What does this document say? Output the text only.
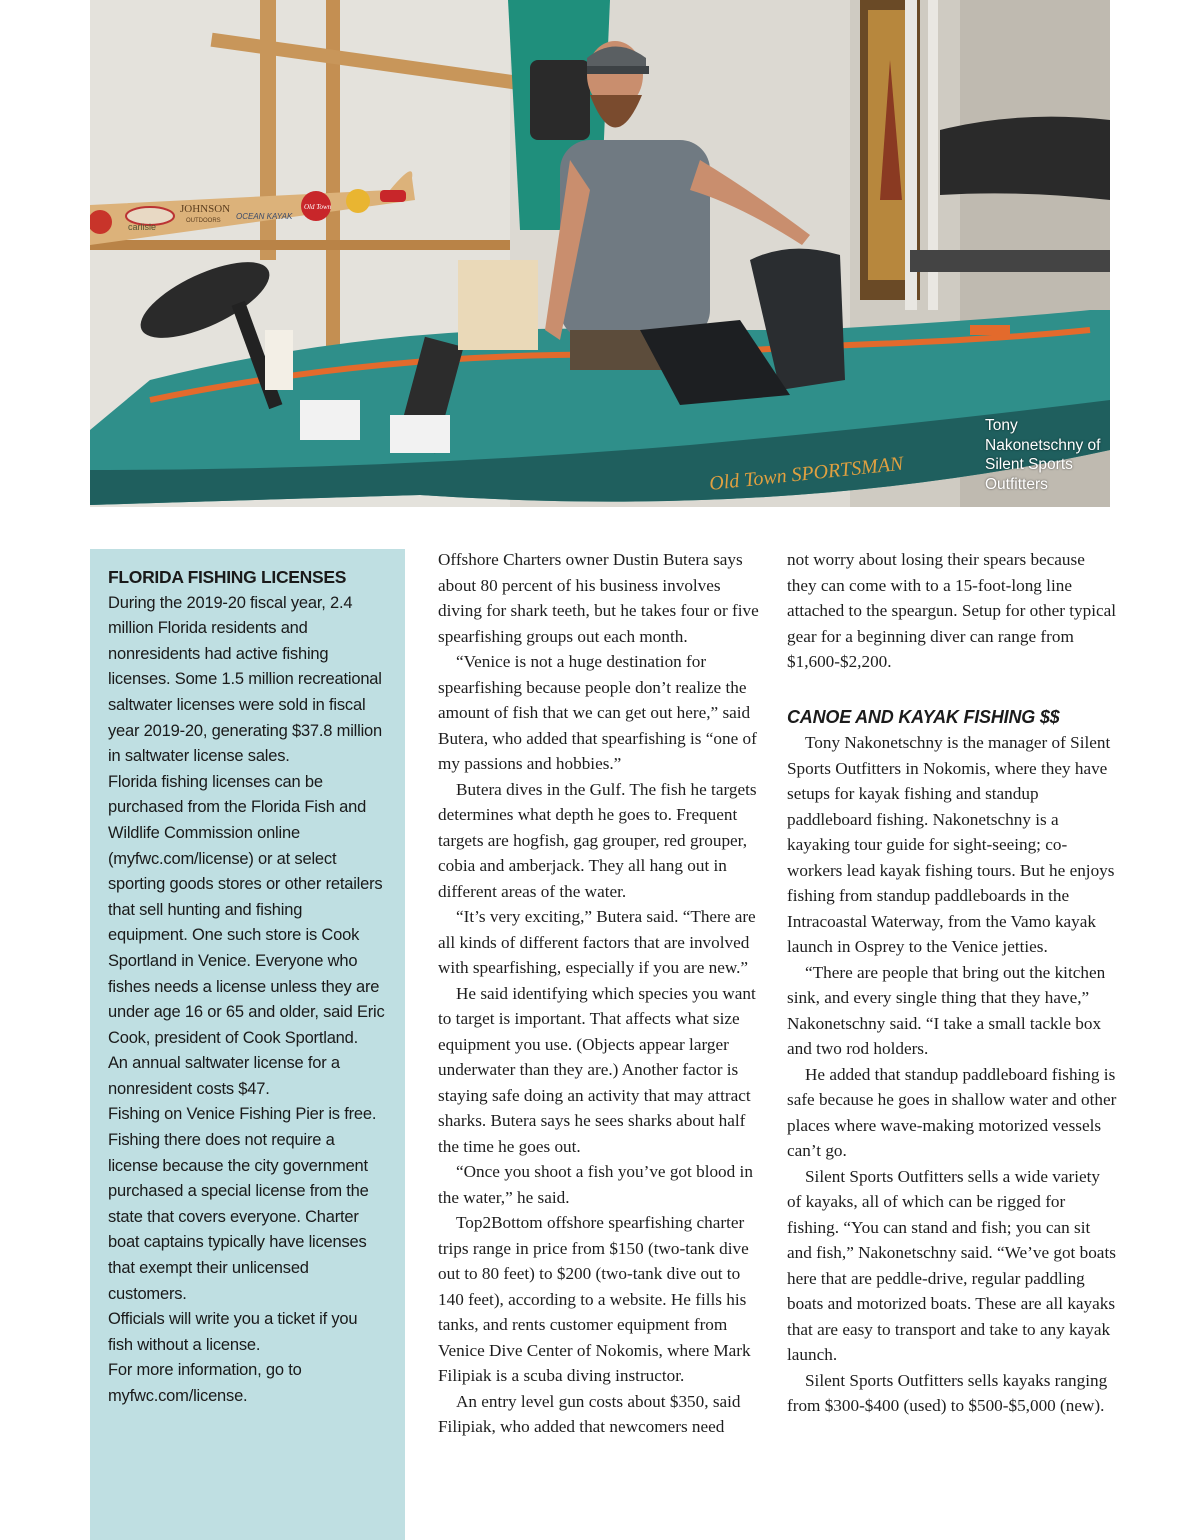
carlisle
JOHNSON
OUTDOORS OCEAN KAYAK
Old Town
Old Town SPORTSMAN
Tony Nakonetschny of Silent Sports Outfitters
FLORIDA FISHING LICENSES

During the 2019-20 fiscal year, 2.4 million Florida residents and nonresidents had active fishing licenses. Some 1.5 million recreational saltwater licenses were sold in fiscal year 2019-20, generating $37.8 million in saltwater license sales.

Florida fishing licenses can be purchased from the Florida Fish and Wildlife Commission online (myfwc.com/license) or at select sporting goods stores or other retailers that sell hunting and fishing equipment. One such store is Cook Sportland in Venice. Everyone who fishes needs a license unless they are under age 16 or 65 and older, said Eric Cook, president of Cook Sportland.

An annual saltwater license for a nonresident costs $47.

Fishing on Venice Fishing Pier is free. Fishing there does not require a license because the city government purchased a special license from the state that covers everyone. Charter boat captains typically have licenses that exempt their unlicensed customers.

Officials will write you a ticket if you fish without a license.

For more information, go to myfwc.com/license.

Offshore Charters owner Dustin Butera says about 80 percent of his business involves diving for shark teeth, but he takes four or five spearfishing groups out each month.

“Venice is not a huge destination for spearfishing because people don’t realize the amount of fish that we can get out here,” said Butera, who added that spearfishing is “one of my passions and hobbies.”

Butera dives in the Gulf. The fish he targets determines what depth he goes to. Frequent targets are hogfish, gag grouper, red grouper, cobia and amberjack. They all hang out in different areas of the water.

“It’s very exciting,” Butera said. “There are all kinds of different factors that are involved with spearfishing, especially if you are new.”

He said identifying which species you want to target is important. That affects what size equipment you use. (Objects appear larger underwater than they are.) Another factor is staying safe doing an activity that may attract sharks. Butera says he sees sharks about half the time he goes out.

“Once you shoot a fish you’ve got blood in the water,” he said.

Top2Bottom offshore spearfishing charter trips range in price from $150 (two-tank dive out to 80 feet) to $200 (two-tank dive out to 140 feet), according to a website. He fills his tanks, and rents customer equipment from Venice Dive Center of Nokomis, where Mark Filipiak is a scuba diving instructor.

An entry level gun costs about $350, said Filipiak, who added that newcomers need

not worry about losing their spears because they can come with to a 15-foot-long line attached to the speargun. Setup for other typical gear for a beginning diver can range from $1,600-$2,200.

CANOE AND KAYAK FISHING $$

Tony Nakonetschny is the manager of Silent Sports Outfitters in Nokomis, where they have setups for kayak fishing and standup paddleboard fishing. Nakonetschny is a kayaking tour guide for sight-seeing; co-workers lead kayak fishing tours. But he enjoys fishing from standup paddleboards in the Intracoastal Waterway, from the Vamo kayak launch in Osprey to the Venice jetties.

“There are people that bring out the kitchen sink, and every single thing that they have,” Nakonetschny said. “I take a small tackle box and two rod holders.

He added that standup paddleboard fishing is safe because he goes in shallow water and other places where wave-making motorized vessels can’t go.

Silent Sports Outfitters sells a wide variety of kayaks, all of which can be rigged for fishing. “You can stand and fish; you can sit and fish,” Nakonetschny said. “We’ve got boats here that are peddle-drive, regular paddling boats and motorized boats. These are all kayaks that are easy to transport and take to any kayak launch.

Silent Sports Outfitters sells kayaks ranging from $300-$400 (used) to $500-$5,000 (new).
